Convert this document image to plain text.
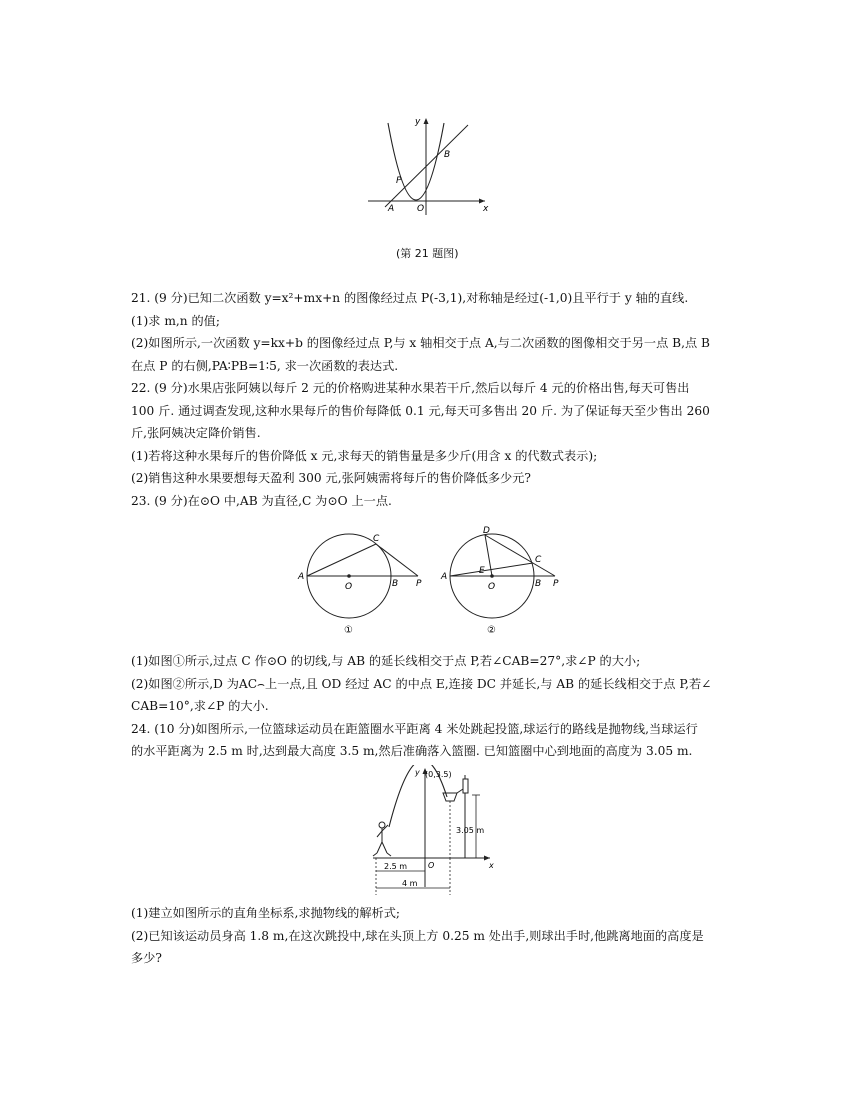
y
x
A	O
P
B
(第 21 题图)
21. (9 分)已知二次函数 y=x²+mx+n 的图像经过点 P(-3,1),对称轴是经过(-1,0)且平行于 y 轴的直线.
(1)求 m,n 的值;
(2)如图所示,一次函数 y=kx+b 的图像经过点 P,与 x 轴相交于点 A,与二次函数的图像相交于另一点 B,点 B
在点 P 的右侧,PA∶PB=1∶5, 求一次函数的表达式.
22. (9 分)水果店张阿姨以每斤 2 元的价格购进某种水果若干斤,然后以每斤 4 元的价格出售,每天可售出
100 斤. 通过调查发现,这种水果每斤的售价每降低 0.1 元,每天可多售出 20 斤. 为了保证每天至少售出 260
斤,张阿姨决定降价销售.
(1)若将这种水果每斤的售价降低 x 元,求每天的销售量是多少斤(用含 x 的代数式表示);
(2)销售这种水果要想每天盈利 300 元,张阿姨需将每斤的售价降低多少元?
23. (9 分)在⊙O 中,AB 为直径,C 为⊙O 上一点.
A
C
O	B P
①
A
D
C
E
O	B P
②
(1)如图①所示,过点 C 作⊙O 的切线,与 AB 的延长线相交于点 P,若∠CAB=27°,求∠P 的大小;
(2)如图②所示,D 为AC⌢上一点,且 OD 经过 AC 的中点 E,连接 DC 并延长,与 AB 的延长线相交于点 P,若∠
CAB=10°,求∠P 的大小.
24. (10 分)如图所示,一位篮球运动员在距篮圈水平距离 4 米处跳起投篮,球运行的路线是抛物线,当球运行
的水平距离为 2.5 m 时,达到最大高度 3.5 m,然后准确落入篮圈. 已知篮圈中心到地面的高度为 3.05 m.
3.05 m
(0,3.5)
y
O	x
2.5 m
4 m
(1)建立如图所示的直角坐标系,求抛物线的解析式;
(2)已知该运动员身高 1.8 m,在这次跳投中,球在头顶上方 0.25 m 处出手,则球出手时,他跳离地面的高度是
多少?
